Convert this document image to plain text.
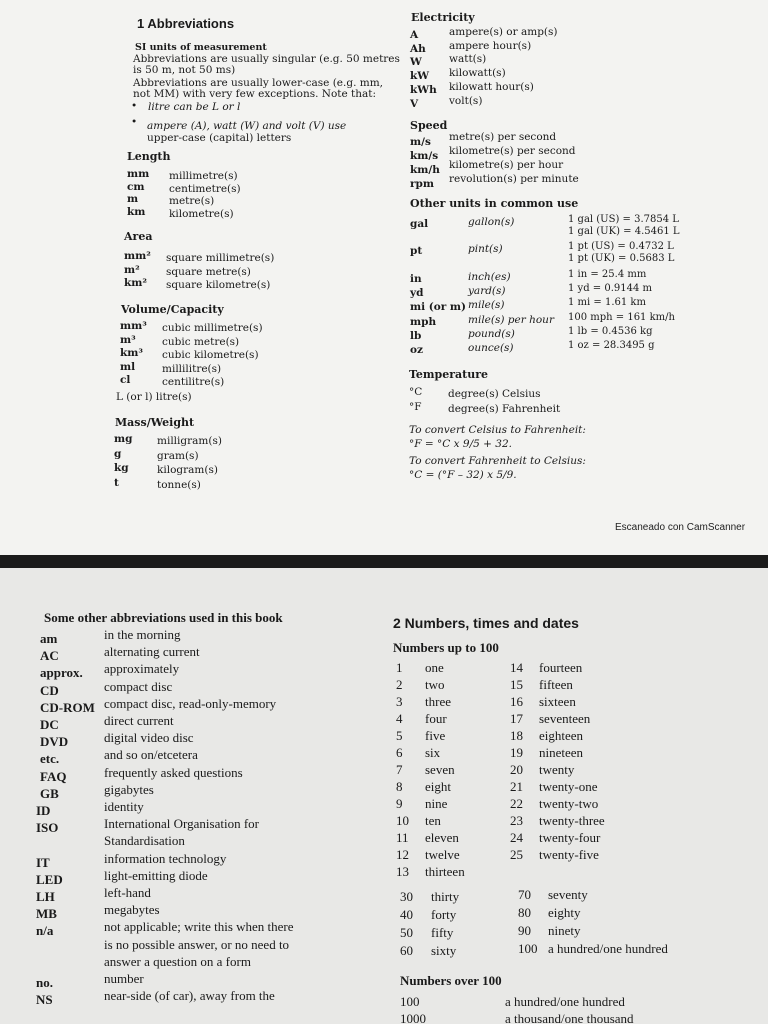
1 Abbreviations
SI units of measurement
Abbreviations are usually singular (e.g. 50 metres
is 50 m, not 50 ms)
Abbreviations are usually lower-case (e.g. mm,
not MM) with very few exceptions. Note that:
• litre can be L or l
• ampere (A), watt (W) and volt (V) use
upper-case (capital) letters
Length
mm millimetre(s)
cm centimetre(s)
m	metre(s)
km kilometre(s)
Area
mm² square millimetre(s)
m²	square metre(s)
km² square kilometre(s)
Volume/Capacity
mm³ cubic millimetre(s)
m³	cubic metre(s)
km³ cubic kilometre(s)
ml	millilitre(s)
cl	centilitre(s)
L (or l) litre(s)
Mass/Weight
mg milligram(s)
g	gram(s)
kg	kilogram(s)
t	tonne(s)
Electricity
A	ampere(s) or amp(s)
Ah ampere hour(s)
W	watt(s)
kW kilowatt(s)
kWh kilowatt hour(s)
V	volt(s)
Speed
m/s metre(s) per second
km/s kilometre(s) per second
km/h kilometre(s) per hour
rpm revolution(s) per minute
Other units in common use
gal	gallon(s)	1 gal (US) = 3.7854 L
1 gal (UK) = 4.5461 L
pt	pint(s)	1 pt (US) = 0.4732 L
1 pt (UK) = 0.5683 L
in	inch(es)	1 in = 25.4 mm
yd	yard(s)	1 yd = 0.9144 m
mi (or m) mile(s)	1 mi = 1.61 km
mph	mile(s) per hour 100 mph = 161 km/h
lb	pound(s)	1 lb = 0.4536 kg
oz	ounce(s)	1 oz = 28.3495 g
Temperature
°C degree(s) Celsius
°F	degree(s) Fahrenheit
To convert Celsius to Fahrenheit:
°F = °C x 9/5 + 32.
To convert Fahrenheit to Celsius:
°C = (°F – 32) x 5/9.
Escaneado con CamScanner
Some other abbreviations used in this book
am	in the morning
AC	alternating current
approx. approximately
CD	compact disc
CD-ROM compact disc, read-only-memory
DC	direct current
DVD	digital video disc
etc.	and so on/etcetera
FAQ	frequently asked questions
GB	gigabytes
ID	identity
ISO	International Organisation for
Standardisation
IT	information technology
LED	light-emitting diode
LH	left-hand
MB	megabytes
n/a	not applicable; write this when there
is no possible answer, or no need to
answer a question on a form
no.	number
NS	near-side (of car), away from the
2 Numbers, times and dates
Numbers up to 100
1 one
2 two
3 three
4 four
5 five
6 six
7 seven
8 eight
9 nine
10 ten
11 eleven
12 twelve
13 thirteen
14 fourteen
15 fifteen
16 sixteen
17 seventeen
18 eighteen
19 nineteen
20 twenty
21 twenty-one
22 twenty-two
23 twenty-three
24 twenty-four
25 twenty-five
30 thirty
40 forty
50 fifty
60 sixty
70 seventy
80 eighty
90 ninety
100 a hundred/one hundred
Numbers over 100
100	a hundred/one hundred
1000	a thousand/one thousand
